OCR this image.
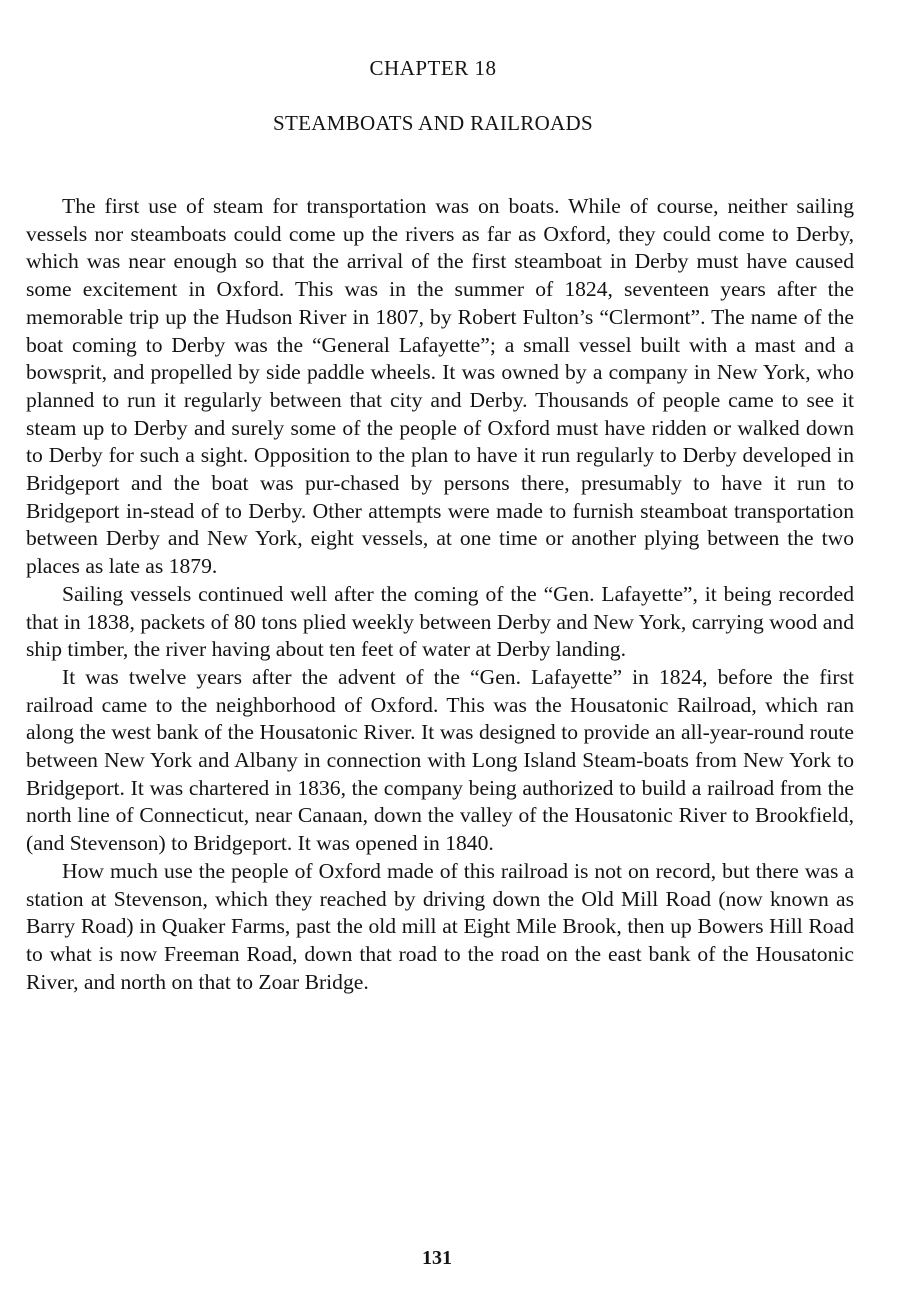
CHAPTER 18
STEAMBOATS AND RAILROADS

The first use of steam for transportation was on boats. While of course, neither sailing vessels nor steamboats could come up the rivers as far as Oxford, they could come to Derby, which was near enough so that the arrival of the first steamboat in Derby must have caused some excitement in Oxford. This was in the summer of 1824, seventeen years after the memorable trip up the Hudson River in 1807, by Robert Fulton’s “Clermont”. The name of the boat coming to Derby was the “General Lafayette”; a small vessel built with a mast and a bowsprit, and propelled by side paddle wheels. It was owned by a company in New York, who planned to run it regularly between that city and Derby. Thousands of people came to see it steam up to Derby and surely some of the people of Oxford must have ridden or walked down to Derby for such a sight. Opposition to the plan to have it run regularly to Derby developed in Bridgeport and the boat was pur-chased by persons there, presumably to have it run to Bridgeport in-stead of to Derby. Other attempts were made to furnish steamboat transportation between Derby and New York, eight vessels, at one time or another plying between the two places as late as 1879.

Sailing vessels continued well after the coming of the “Gen. Lafayette”, it being recorded that in 1838, packets of 80 tons plied weekly between Derby and New York, carrying wood and ship timber, the river having about ten feet of water at Derby landing.

It was twelve years after the advent of the “Gen. Lafayette” in 1824, before the first railroad came to the neighborhood of Oxford. This was the Housatonic Railroad, which ran along the west bank of the Housatonic River. It was designed to provide an all-year-round route between New York and Albany in connection with Long Island Steam-boats from New York to Bridgeport. It was chartered in 1836, the company being authorized to build a railroad from the north line of Connecticut, near Canaan, down the valley of the Housatonic River to Brookfield, (and Stevenson) to Bridgeport. It was opened in 1840.

How much use the people of Oxford made of this railroad is not on record, but there was a station at Stevenson, which they reached by driving down the Old Mill Road (now known as Barry Road) in Quaker Farms, past the old mill at Eight Mile Brook, then up Bowers Hill Road to what is now Freeman Road, down that road to the road on the east bank of the Housatonic River, and north on that to Zoar Bridge.

131
